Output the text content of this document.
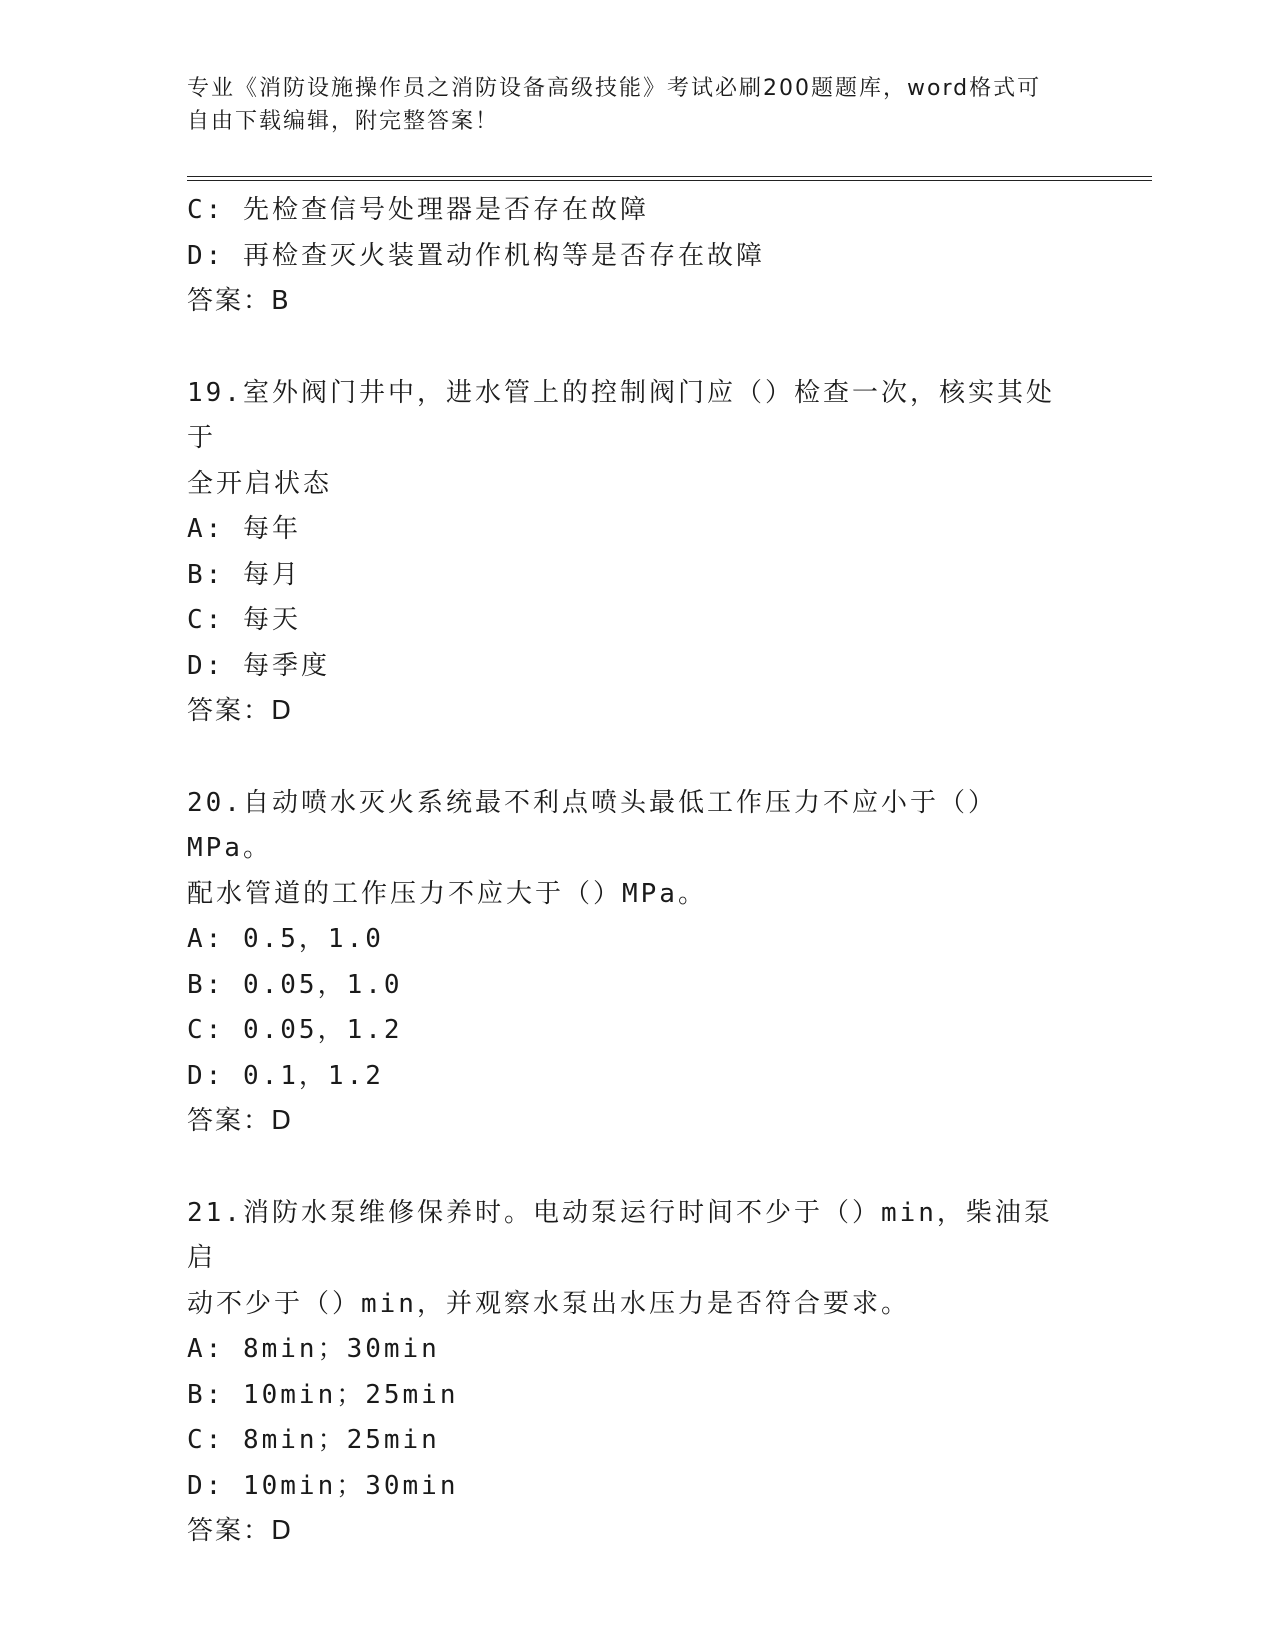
专业《消防设施操作员之消防设备高级技能》考试必刷200题题库，word格式可
自由下载编辑，附完整答案！

C: 先检查信号处理器是否存在故障

D: 再检查灭火装置动作机构等是否存在故障

答案：B

19.室外阀门井中，进水管上的控制阀门应（）检查一次，核实其处于

全开启状态

A: 每年

B: 每月

C: 每天

D: 每季度

答案：D

20.自动喷水灭火系统最不利点喷头最低工作压力不应小于（）MPa。

配水管道的工作压力不应大于（）MPa。

A: 0.5，1.0

B: 0.05，1.0

C: 0.05，1.2

D: 0.1，1.2

答案：D

21.消防水泵维修保养时。电动泵运行时间不少于（）min，柴油泵启

动不少于（）min，并观察水泵出水压力是否符合要求。

A: 8min；30min

B: 10min；25min

C: 8min；25min

D: 10min；30min

答案：D
